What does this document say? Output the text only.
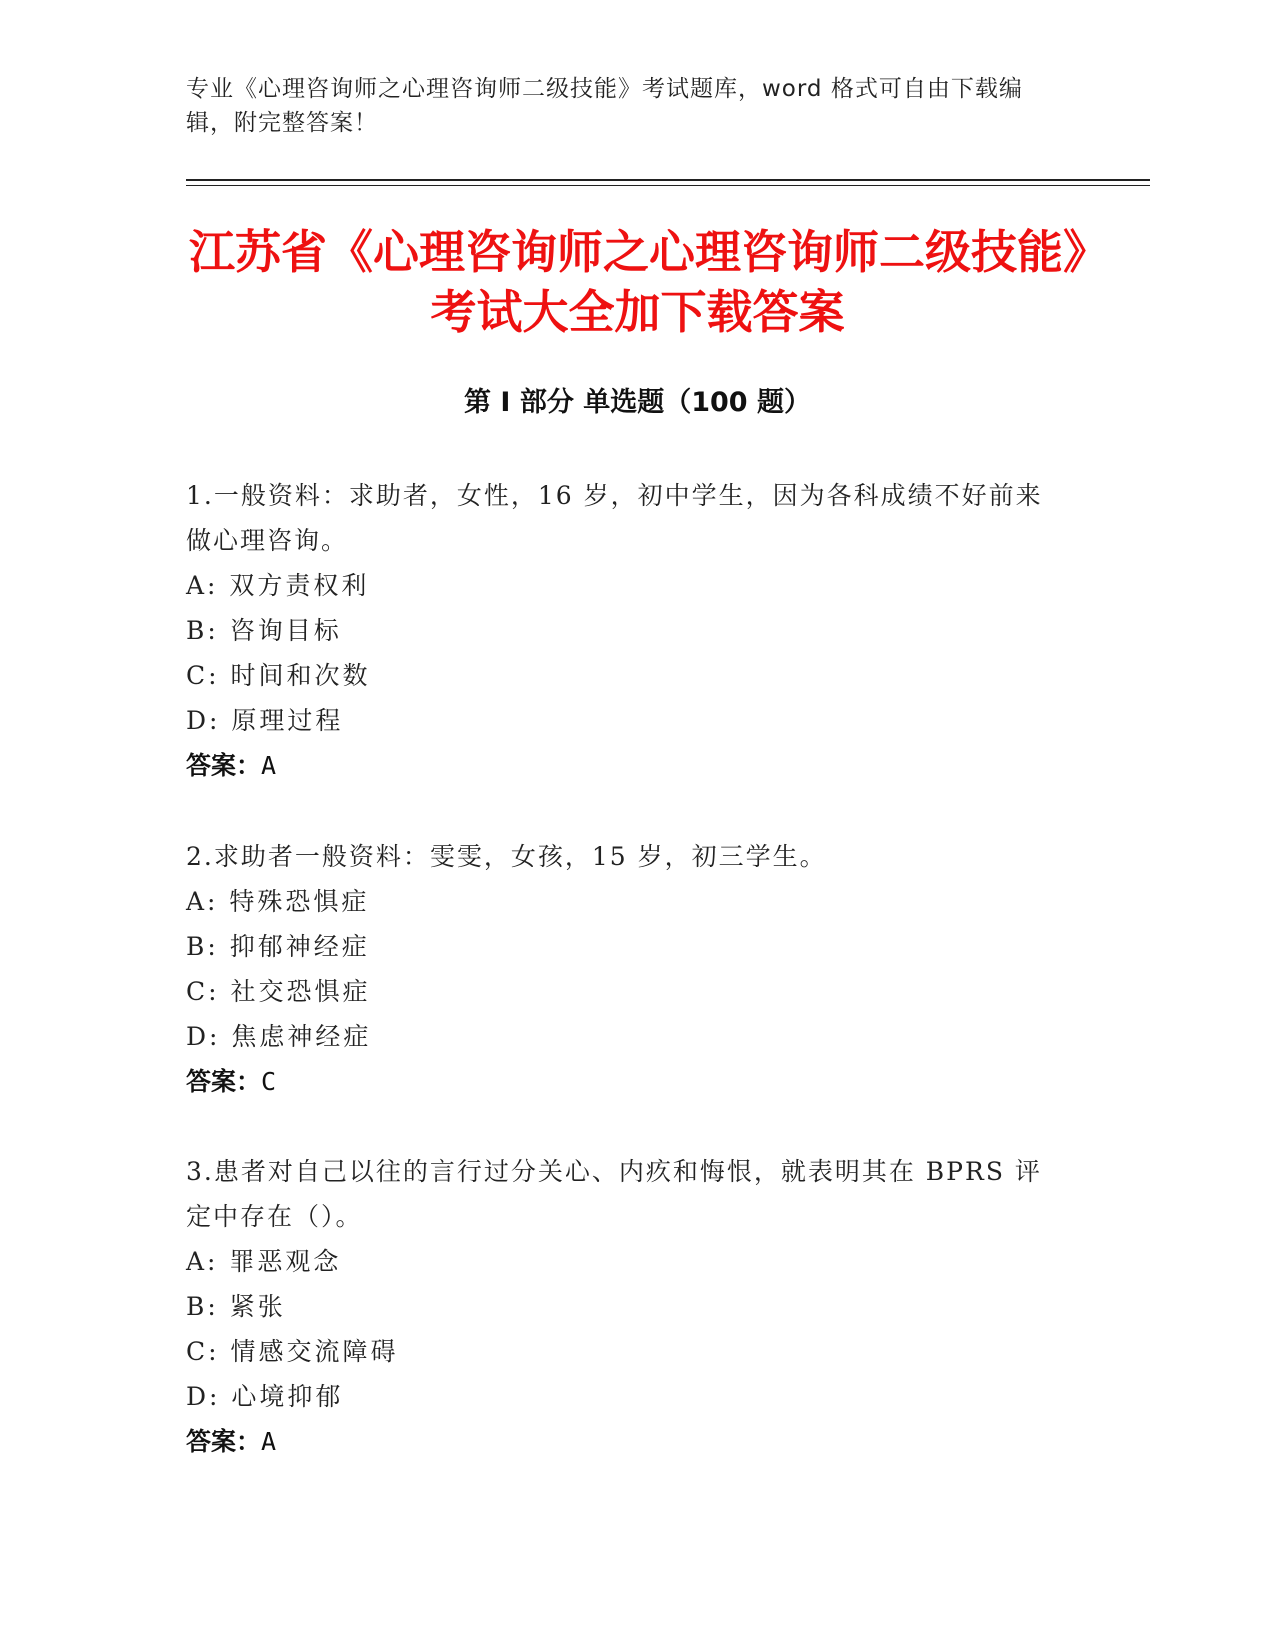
专业《心理咨询师之心理咨询师二级技能》考试题库，word 格式可自由下载编辑，附完整答案！
江苏省《心理咨询师之心理咨询师二级技能》考试大全加下载答案
第 I 部分 单选题（100 题）
1.一般资料：求助者，女性，16 岁，初中学生，因为各科成绩不好前来做心理咨询。
A: 双方责权利
B: 咨询目标
C: 时间和次数
D: 原理过程
答案：A
2.求助者一般资料：雯雯，女孩，15 岁，初三学生。
A: 特殊恐惧症
B: 抑郁神经症
C: 社交恐惧症
D: 焦虑神经症
答案：C
3.患者对自己以往的言行过分关心、内疚和悔恨，就表明其在 BPRS 评定中存在（）。
A: 罪恶观念
B: 紧张
C: 情感交流障碍
D: 心境抑郁
答案：A
